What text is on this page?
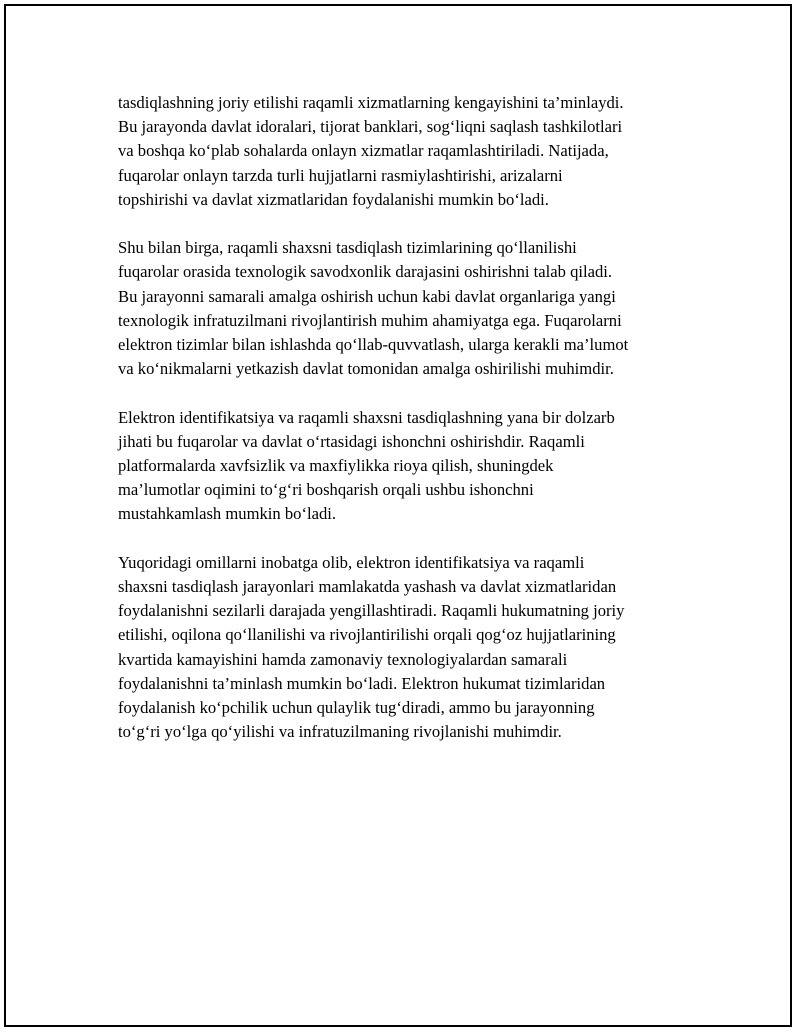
tasdiqlashning joriy etilishi raqamli xizmatlarning kengayishini ta’minlaydi.
Bu jarayonda davlat idoralari, tijorat banklari, sog‘liqni saqlash tashkilotlari
va boshqa ko‘plab sohalarda onlayn xizmatlar raqamlashtiriladi. Natijada,
fuqarolar onlayn tarzda turli hujjatlarni rasmiylashtirishi, arizalarni
topshirishi va davlat xizmatlaridan foydalanishi mumkin bo‘ladi.

Shu bilan birga, raqamli shaxsni tasdiqlash tizimlarining qo‘llanilishi
fuqarolar orasida texnologik savodxonlik darajasini oshirishni talab qiladi.
Bu jarayonni samarali amalga oshirish uchun kabi davlat organlariga yangi
texnologik infratuzilmani rivojlantirish muhim ahamiyatga ega. Fuqarolarni
elektron tizimlar bilan ishlashda qo‘llab-quvvatlash, ularga kerakli ma’lumot
va ko‘nikmalarni yetkazish davlat tomonidan amalga oshirilishi muhimdir.

Elektron identifikatsiya va raqamli shaxsni tasdiqlashning yana bir dolzarb
jihati bu fuqarolar va davlat o‘rtasidagi ishonchni oshirishdir. Raqamli
platformalarda xavfsizlik va maxfiylikka rioya qilish, shuningdek
ma’lumotlar oqimini to‘g‘ri boshqarish orqali ushbu ishonchni
mustahkamlash mumkin bo‘ladi.

Yuqoridagi omillarni inobatga olib, elektron identifikatsiya va raqamli
shaxsni tasdiqlash jarayonlari mamlakatda yashash va davlat xizmatlaridan
foydalanishni sezilarli darajada yengillashtiradi. Raqamli hukumatning joriy
etilishi, oqilona qo‘llanilishi va rivojlantirilishi orqali qog‘oz hujjatlarining
kvartida kamayishini hamda zamonaviy texnologiyalardan samarali
foydalanishni ta’minlash mumkin bo‘ladi. Elektron hukumat tizimlaridan
foydalanish ko‘pchilik uchun qulaylik tug‘diradi, ammo bu jarayonning
to‘g‘ri yo‘lga qo‘yilishi va infratuzilmaning rivojlanishi muhimdir.
